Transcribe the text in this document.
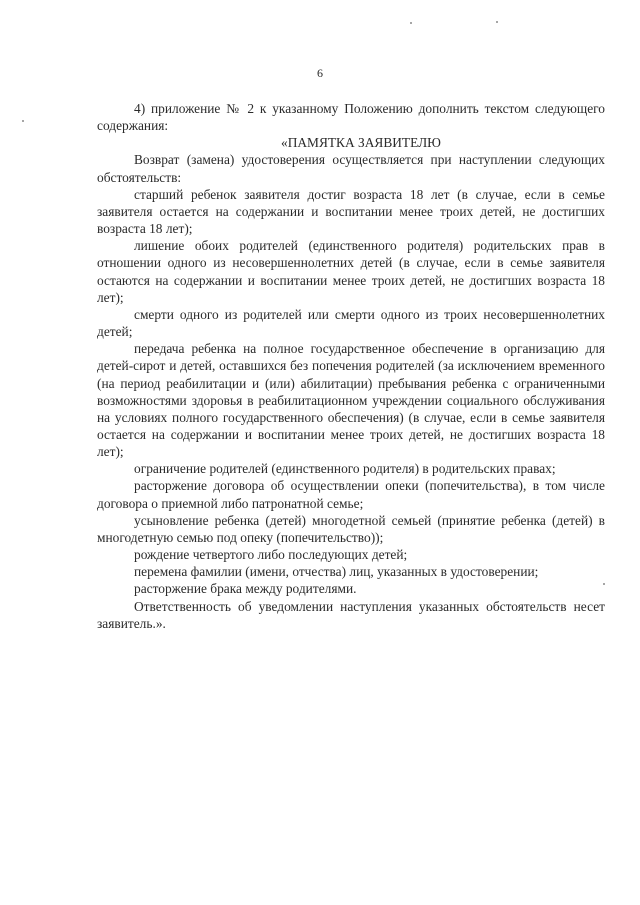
6

4) приложение № 2 к указанному Положению дополнить текстом следующего содержания:

«ПАМЯТКА ЗАЯВИТЕЛЮ

Возврат (замена) удостоверения осуществляется при наступлении следующих обстоятельств:

старший ребенок заявителя достиг возраста 18 лет (в случае, если в семье заявителя остается на содержании и воспитании менее троих детей, не достигших возраста 18 лет);

лишение обоих родителей (единственного родителя) родительских прав в отношении одного из несовершеннолетних детей (в случае, если в семье заявителя остаются на содержании и воспитании менее троих детей, не достигших возраста 18 лет);

смерти одного из родителей или смерти одного из троих несовершеннолетних детей;

передача ребенка на полное государственное обеспечение в организацию для детей-сирот и детей, оставшихся без попечения родителей (за исключением временного (на период реабилитации и (или) абилитации) пребывания ребенка с ограниченными возможностями здоровья в реабилитационном учреждении социального обслуживания на условиях полного государственного обеспечения) (в случае, если в семье заявителя остается на содержании и воспитании менее троих детей, не достигших возраста 18 лет);

ограничение родителей (единственного родителя) в родительских правах;

расторжение договора об осуществлении опеки (попечительства), в том числе договора о приемной либо патронатной семье;

усыновление ребенка (детей) многодетной семьей (принятие ребенка (детей) в многодетную семью под опеку (попечительство));

рождение четвертого либо последующих детей;

перемена фамилии (имени, отчества) лиц, указанных в удостоверении;

расторжение брака между родителями.

Ответственность об уведомлении наступления указанных обстоятельств несет заявитель.».
